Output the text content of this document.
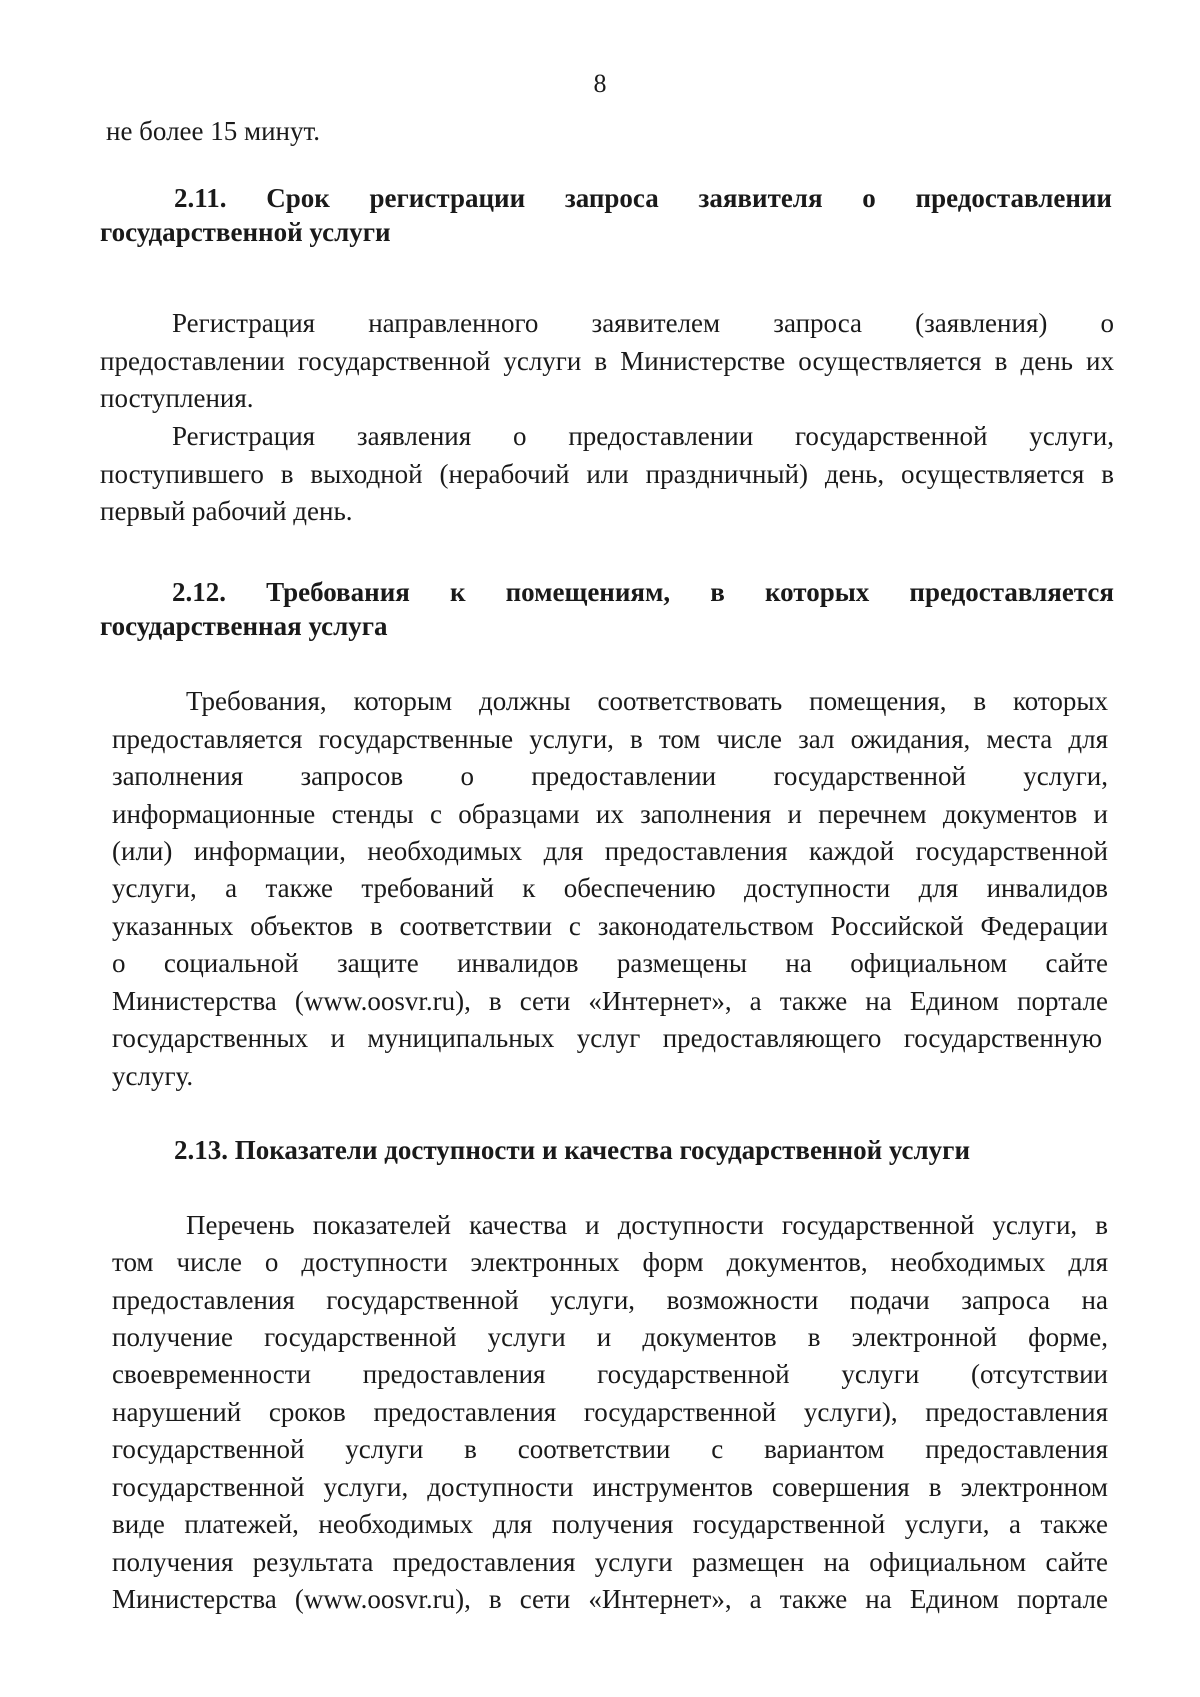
8
не более 15 минут.
2.11. Срок регистрации запроса заявителя о предоставлении
государственной услуги
Регистрация направленного заявителем запроса (заявления) о
предоставлении государственной услуги в Министерстве осуществляется в день их
поступления.
Регистрация заявления о предоставлении государственной услуги,
поступившего в выходной (нерабочий или праздничный) день, осуществляется в
первый рабочий день.
2.12. Требования к помещениям, в которых предоставляется
государственная услуга
Требования, которым должны соответствовать помещения, в которых
предоставляется государственные услуги, в том числе зал ожидания, места для
заполнения запросов о предоставлении государственной услуги,
информационные стенды с образцами их заполнения и перечнем документов и
(или) информации, необходимых для предоставления каждой государственной
услуги, а также требований к обеспечению доступности для инвалидов
указанных объектов в соответствии с законодательством Российской Федерации
о социальной защите инвалидов размещены на официальном сайте
Министерства (www.oosvr.ru), в сети «Интернет», а также на Едином портале
государственных и муниципальных услуг предоставляющего государственную
услугу.
2.13. Показатели доступности и качества государственной услуги
Перечень показателей качества и доступности государственной услуги, в
том числе о доступности электронных форм документов, необходимых для
предоставления государственной услуги, возможности подачи запроса на
получение государственной услуги и документов в электронной форме,
своевременности предоставления государственной услуги (отсутствии
нарушений сроков предоставления государственной услуги), предоставления
государственной услуги в соответствии с вариантом предоставления
государственной услуги, доступности инструментов совершения в электронном
виде платежей, необходимых для получения государственной услуги, а также
получения результата предоставления услуги размещен на официальном сайте
Министерства (www.oosvr.ru), в сети «Интернет», а также на Едином портале
